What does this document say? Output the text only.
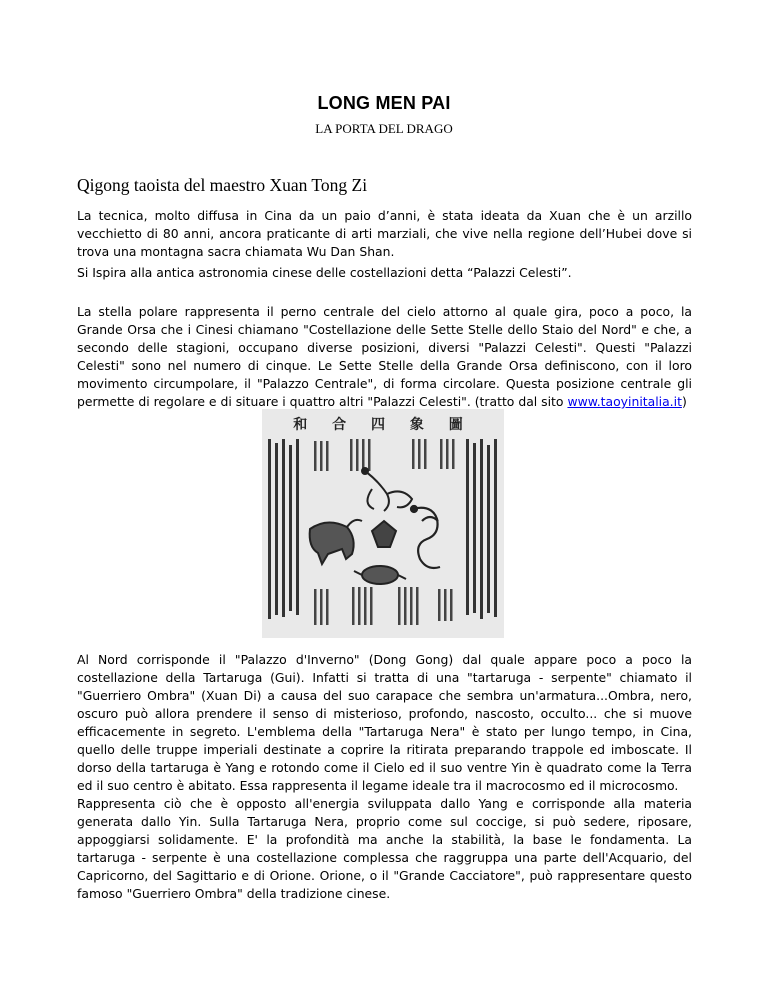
LONG MEN PAI
LA PORTA DEL DRAGO
Qigong taoista del maestro Xuan Tong Zi

La tecnica, molto diffusa in Cina da un paio d’anni, è stata ideata da Xuan che è un arzillo vecchietto di 80 anni, ancora praticante di arti marziali, che vive nella regione dell’Hubei dove si trova una montagna sacra chiamata Wu Dan Shan.

Si Ispira alla antica astronomia cinese delle costellazioni detta “Palazzi Celesti”.

La stella polare rappresenta il perno centrale del cielo attorno al quale gira, poco a poco, la Grande Orsa che i Cinesi chiamano "Costellazione delle Sette Stelle dello Staio del Nord" e che, a secondo delle stagioni, occupano diverse posizioni, diversi "Palazzi Celesti". Questi "Palazzi Celesti" sono nel numero di cinque. Le Sette Stelle della Grande Orsa definiscono, con il loro movimento circumpolare, il "Palazzo Centrale", di forma circolare. Questa posizione centrale gli permette di regolare e di situare i quattro altri "Palazzi Celesti". (tratto dal sito www.taoyinitalia.it)

和 合 四 象 圖

Al Nord corrisponde il "Palazzo d'Inverno" (Dong Gong) dal quale appare poco a poco la costellazione della Tartaruga (Gui). Infatti si tratta di una "tartaruga - serpente" chiamato il "Guerriero Ombra" (Xuan Di) a causa del suo carapace che sembra un'armatura...Ombra, nero, oscuro può allora prendere il senso di misterioso, profondo, nascosto, occulto... che si muove efficacemente in segreto. L'emblema della "Tartaruga Nera" è stato per lungo tempo, in Cina, quello delle truppe imperiali destinate a coprire la ritirata preparando trappole ed imboscate. Il dorso della tartaruga è Yang e rotondo come il Cielo ed il suo ventre Yin è quadrato come la Terra ed il suo centro è abitato. Essa rappresenta il legame ideale tra il macrocosmo ed il microcosmo.
Rappresenta ciò che è opposto all'energia sviluppata dallo Yang e corrisponde alla materia generata dallo Yin. Sulla Tartaruga Nera, proprio come sul coccige, si può sedere, riposare, appoggiarsi solidamente. E' la profondità ma anche la stabilità, la base le fondamenta. La tartaruga - serpente è una costellazione complessa che raggruppa una parte dell'Acquario, del Capricorno, del Sagittario e di Orione. Orione, o il "Grande Cacciatore", può rappresentare questo famoso "Guerriero Ombra" della tradizione cinese.
